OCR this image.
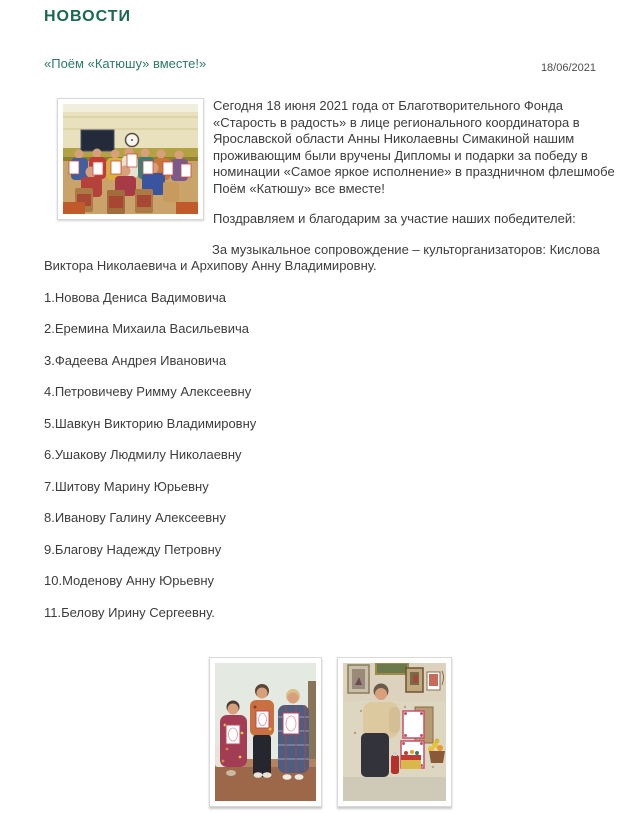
НОВОСТИ
«Поём «Катюшу» вместе!»	18/06/2021

Сегодня 18 июня 2021 года от Благотворительного Фонда «Старость в радость» в лице регионального координатора в Ярославской области Анны Николаевны Симакиной нашим проживающим были вручены Дипломы и подарки за победу в номинации «Самое яркое исполнение» в праздничном флешмобе Поём «Катюшу» все вместе!

Поздравляем и благодарим за участие наших победителей:

За музыкальное сопровождение – культорганизаторов: Кислова Виктора Николаевича и Архипову Анну Владимировну.

1.Новова Дениса Вадимовича

2.Еремина Михаила Васильевича

3.Фадеева Андрея Ивановича

4.Петровичеву Римму Алексеевну

5.Шавкун Викторию Владимировну

6.Ушакову Людмилу Николаевну

7.Шитову Марину Юрьевну

8.Иванову Галину Алексеевну

9.Благову Надежду Петровну

10.Моденову Анну Юрьевну

11.Белову Ирину Сергеевну.
